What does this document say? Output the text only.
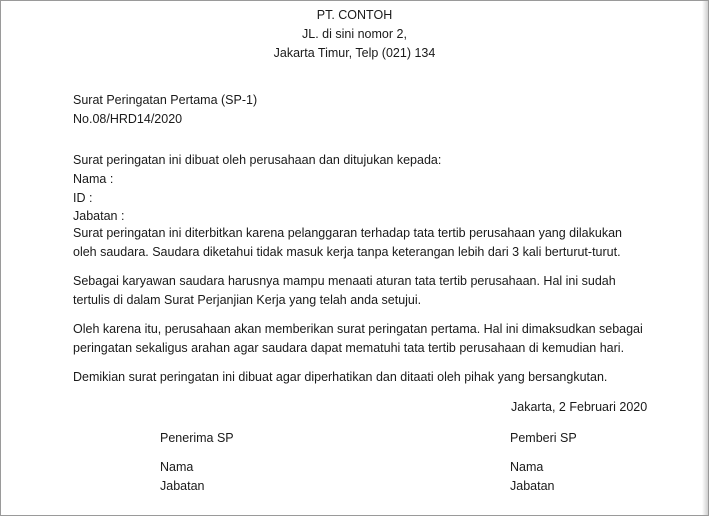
PT. CONTOH
JL. di sini nomor 2,
Jakarta Timur, Telp (021) 134
Surat Peringatan Pertama (SP-1)
No.08/HRD14/2020
Surat peringatan ini dibuat oleh perusahaan dan ditujukan kepada:
Nama :
ID :
Jabatan :
Surat peringatan ini diterbitkan karena pelanggaran terhadap tata tertib perusahaan yang dilakukan
oleh saudara. Saudara diketahui tidak masuk kerja tanpa keterangan lebih dari 3 kali berturut-turut.
Sebagai karyawan saudara harusnya mampu menaati aturan tata tertib perusahaan. Hal ini sudah
tertulis di dalam Surat Perjanjian Kerja yang telah anda setujui.
Oleh karena itu, perusahaan akan memberikan surat peringatan pertama. Hal ini dimaksudkan sebagai
peringatan sekaligus arahan agar saudara dapat mematuhi tata tertib perusahaan di kemudian hari.
Demikian surat peringatan ini dibuat agar diperhatikan dan ditaati oleh pihak yang bersangkutan.
Jakarta, 2 Februari 2020
Penerima SP
Nama
Jabatan
Pemberi SP
Nama
Jabatan
